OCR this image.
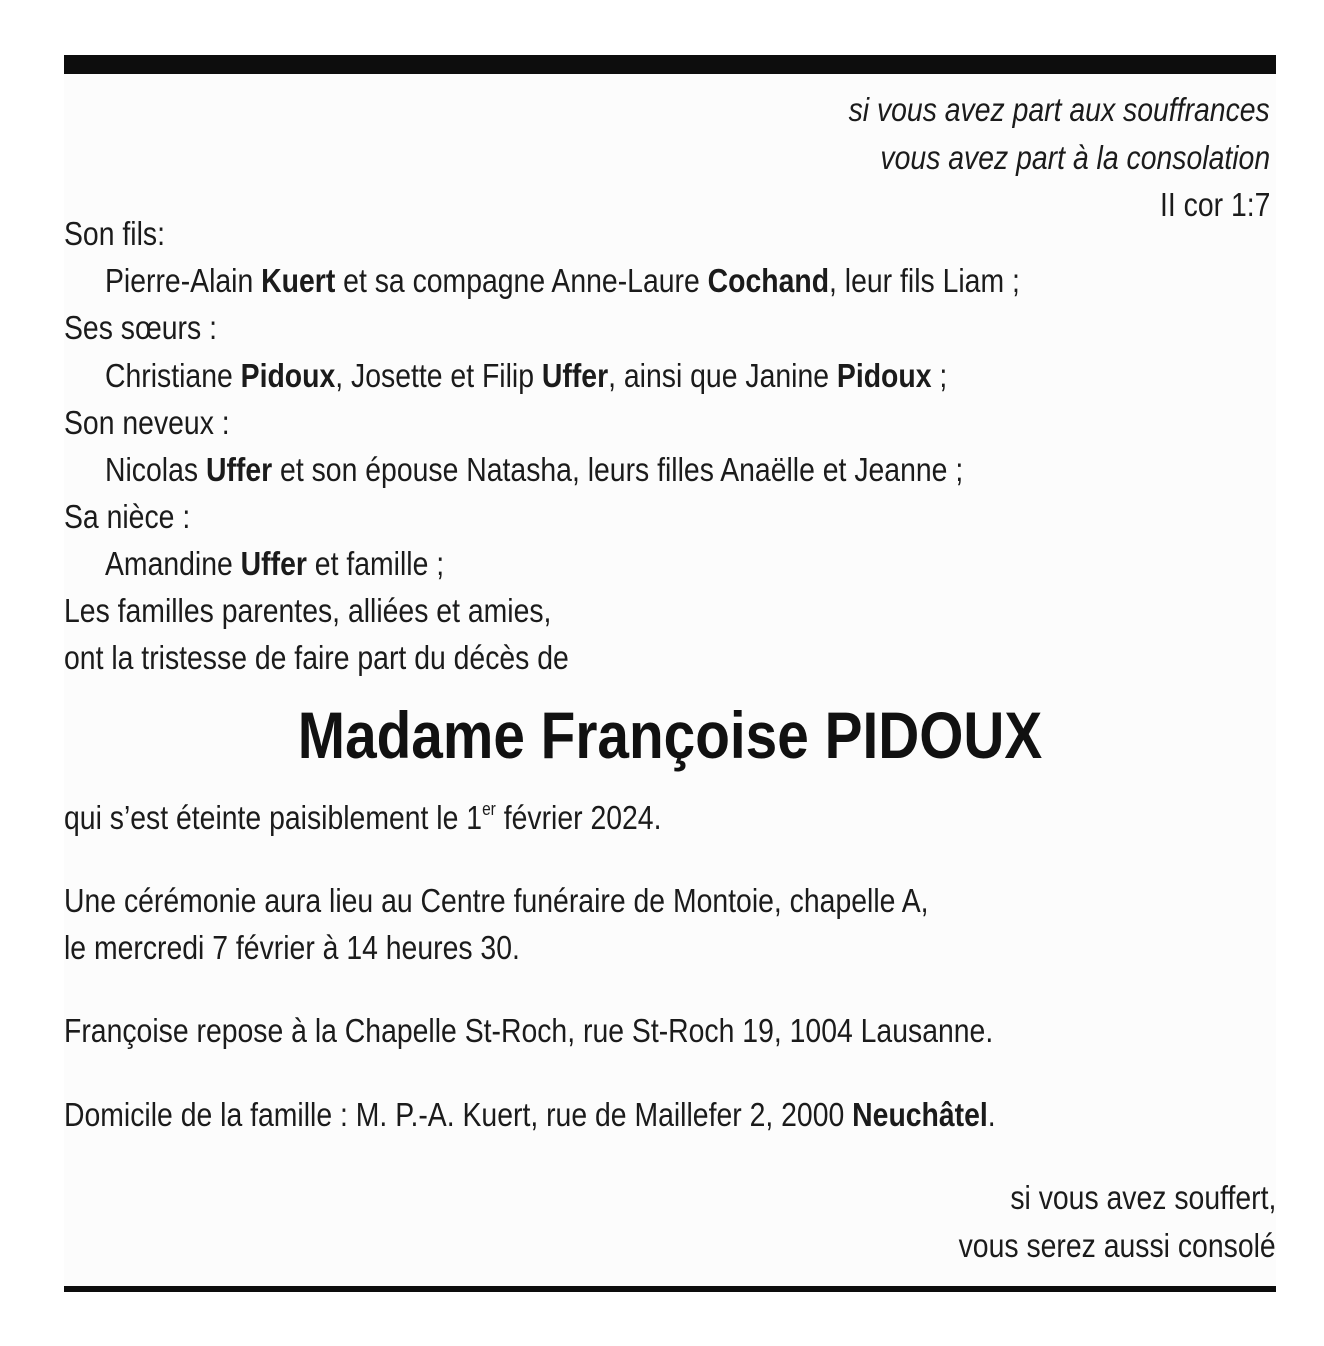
si vous avez part aux souffrances
vous avez part à la consolation
II cor 1:7
Son fils:
Pierre-Alain Kuert et sa compagne Anne-Laure Cochand, leur fils Liam ;
Ses sœurs :
Christiane Pidoux, Josette et Filip Uffer, ainsi que Janine Pidoux ;
Son neveux :
Nicolas Uffer et son épouse Natasha, leurs filles Anaëlle et Jeanne ;
Sa nièce :
Amandine Uffer et famille ;
Les familles parentes, alliées et amies,
ont la tristesse de faire part du décès de
Madame Françoise PIDOUX
qui s’est éteinte paisiblement le 1er février 2024.
Une cérémonie aura lieu au Centre funéraire de Montoie, chapelle A,
le mercredi 7 février à 14 heures 30.
Françoise repose à la Chapelle St-Roch, rue St-Roch 19, 1004 Lausanne.
Domicile de la famille : M. P.-A. Kuert, rue de Maillefer 2, 2000 Neuchâtel.
si vous avez souffert,
vous serez aussi consolé
